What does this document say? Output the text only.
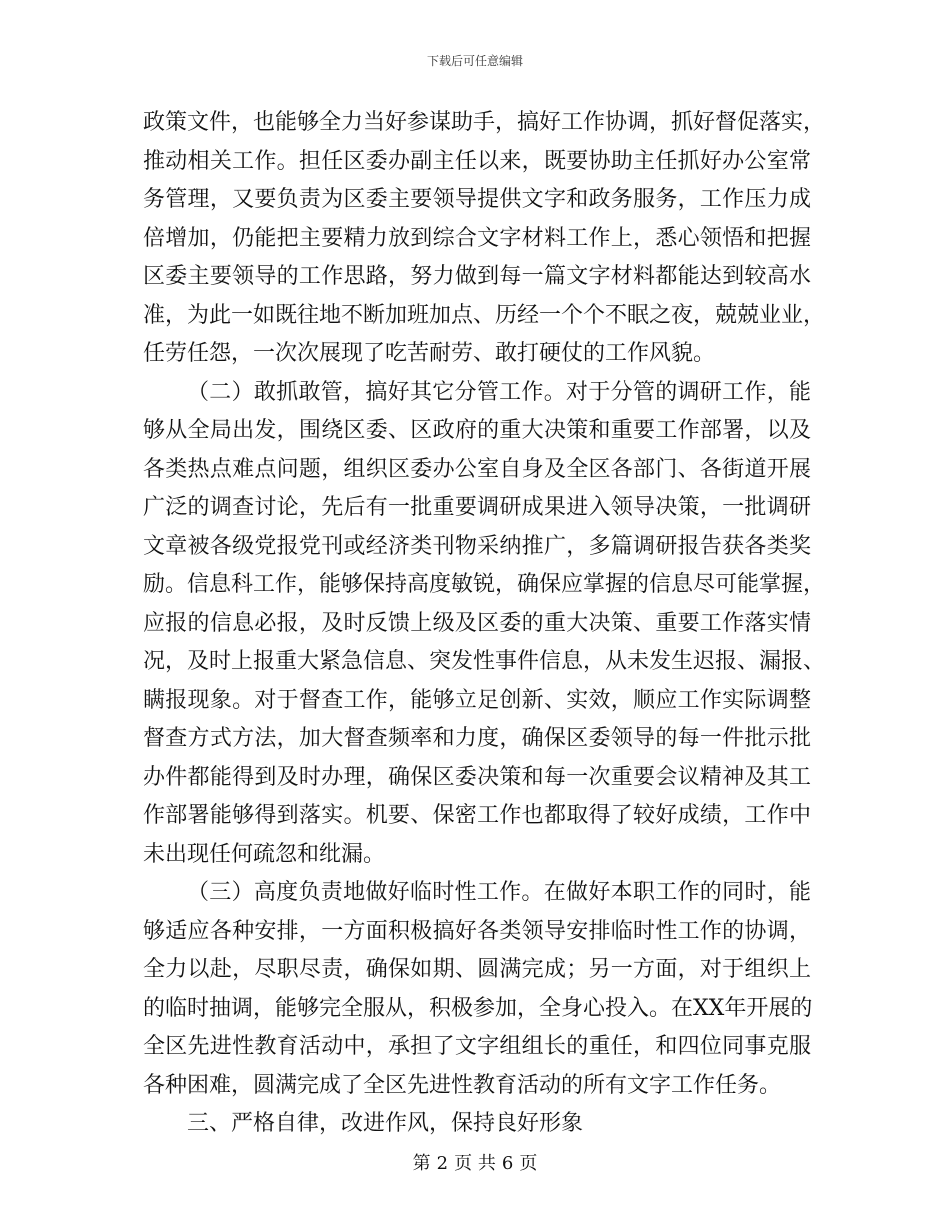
下载后可任意编辑
政策文件，也能够全力当好参谋助手，搞好工作协调，抓好督促落实，
推动相关工作。担任区委办副主任以来，既要协助主任抓好办公室常
务管理，又要负责为区委主要领导提供文字和政务服务，工作压力成
倍增加，仍能把主要精力放到综合文字材料工作上，悉心领悟和把握
区委主要领导的工作思路，努力做到每一篇文字材料都能达到较高水
准，为此一如既往地不断加班加点、历经一个个不眠之夜，兢兢业业，
任劳任怨，一次次展现了吃苦耐劳、敢打硬仗的工作风貌。
（二）敢抓敢管，搞好其它分管工作。对于分管的调研工作，能
够从全局出发，围绕区委、区政府的重大决策和重要工作部署，以及
各类热点难点问题，组织区委办公室自身及全区各部门、各街道开展
广泛的调查讨论，先后有一批重要调研成果进入领导决策，一批调研
文章被各级党报党刊或经济类刊物采纳推广，多篇调研报告获各类奖
励。信息科工作，能够保持高度敏锐，确保应掌握的信息尽可能掌握，
应报的信息必报，及时反馈上级及区委的重大决策、重要工作落实情
况，及时上报重大紧急信息、突发性事件信息，从未发生迟报、漏报、
瞒报现象。对于督查工作，能够立足创新、实效，顺应工作实际调整
督查方式方法，加大督查频率和力度，确保区委领导的每一件批示批
办件都能得到及时办理，确保区委决策和每一次重要会议精神及其工
作部署能够得到落实。机要、保密工作也都取得了较好成绩，工作中
未出现任何疏忽和纰漏。
（三）高度负责地做好临时性工作。在做好本职工作的同时，能
够适应各种安排，一方面积极搞好各类领导安排临时性工作的协调，
全力以赴，尽职尽责，确保如期、圆满完成；另一方面，对于组织上
的临时抽调，能够完全服从，积极参加，全身心投入。在XX年开展的
全区先进性教育活动中，承担了文字组组长的重任，和四位同事克服
各种困难，圆满完成了全区先进性教育活动的所有文字工作任务。
三、严格自律，改进作风，保持良好形象
第 2 页 共 6 页
